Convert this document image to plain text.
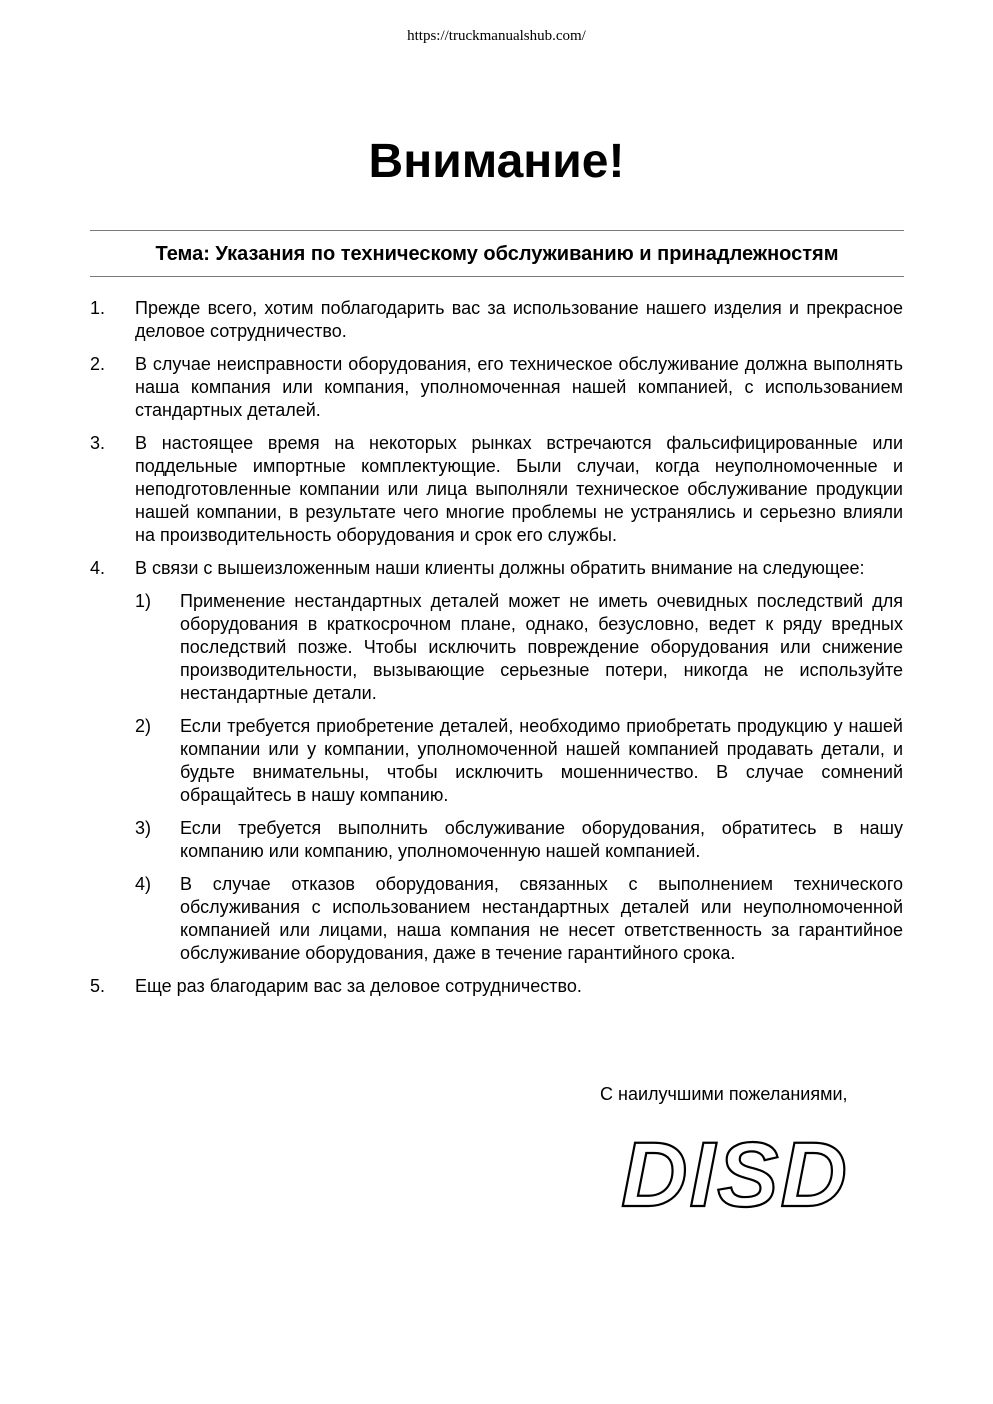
https://truckmanualshub.com/
Внимание!
Тема: Указания по техническому обслуживанию и принадлежностям
1.	Прежде всего, хотим поблагодарить вас за использование нашего изделия и прекрасное деловое сотрудничество.
2.	В случае неисправности оборудования, его техническое обслуживание должна выполнять наша компания или компания, уполномоченная нашей компанией, с использованием стандартных деталей.
3.	В настоящее время на некоторых рынках встречаются фальсифицированные или поддельные импортные комплектующие. Были случаи, когда неуполномоченные и неподготовленные компании или лица выполняли техническое обслуживание продукции нашей компании, в результате чего многие проблемы не устранялись и серьезно влияли на производительность оборудования и срок его службы.
4.	В связи с вышеизложенным наши клиенты должны обратить внимание на следующее:
1)	Применение нестандартных деталей может не иметь очевидных последствий для оборудования в краткосрочном плане, однако, безусловно, ведет к ряду вредных последствий позже. Чтобы исключить повреждение оборудования или снижение производительности, вызывающие серьезные потери, никогда не используйте нестандартные детали.
2)	Если требуется приобретение деталей, необходимо приобретать продукцию у нашей компании или у компании, уполномоченной нашей компанией продавать детали, и будьте внимательны, чтобы исключить мошенничество. В случае сомнений обращайтесь в нашу компанию.
3)	Если требуется выполнить обслуживание оборудования, обратитесь в нашу компанию или компанию, уполномоченную нашей компанией.
4)	В случае отказов оборудования, связанных с выполнением технического обслуживания с использованием нестандартных деталей или неуполномоченной компанией или лицами, наша компания не несет ответственность за гарантийное обслуживание оборудования, даже в течение гарантийного срока.
5.	Еще раз благодарим вас за деловое сотрудничество.
С наилучшими пожеланиями,
DISD
